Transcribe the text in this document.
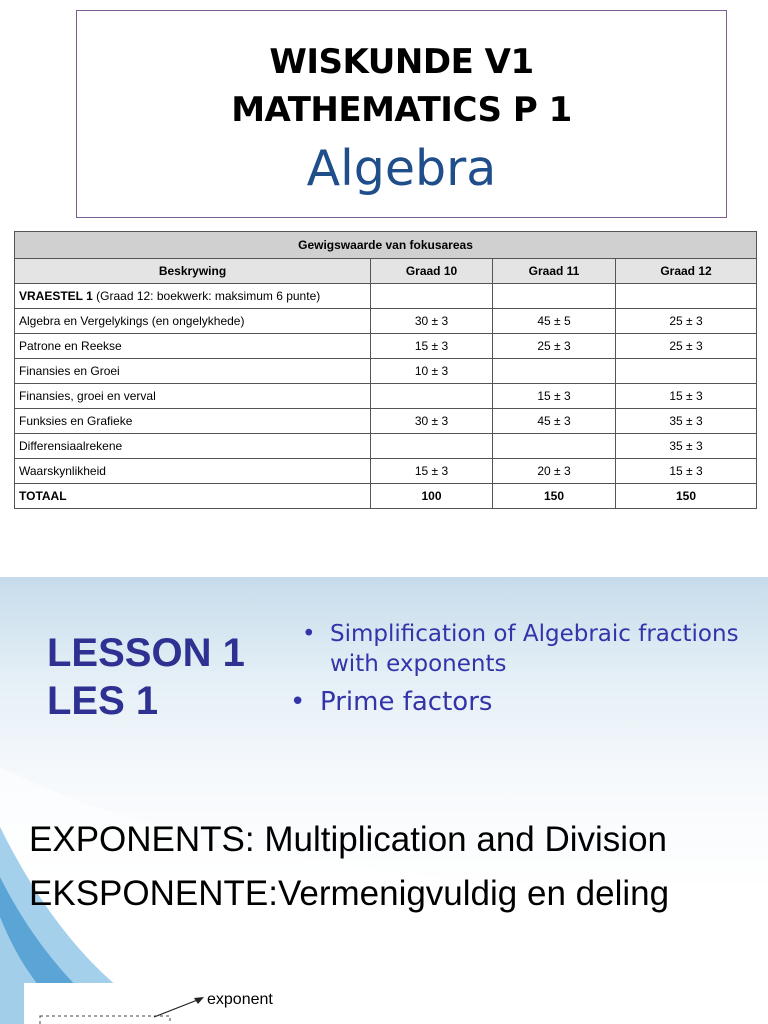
WISKUNDE V1
MATHEMATICS P 1
Algebra
Gewigswaarde van fokusareas			
Beskrywing	Graad 10	Graad 11	Graad 12
VRAESTEL 1 (Graad 12: boekwerk: maksimum 6 punte)			
Algebra en Vergelykings (en ongelykhede)	30 ± 3	45 ± 5	25 ± 3
Patrone en Reekse	15 ± 3	25 ± 3	25 ± 3
Finansies en Groei	10 ± 3		
Finansies, groei en verval		15 ± 3	15 ± 3
Funksies en Grafieke	30 ± 3	45 ± 3	35 ± 3
Differensiaalrekene			35 ± 3
Waarskynlikheid	15 ± 3	20 ± 3	15 ± 3
TOTAAL	100	150	150
LESSON 1
LES 1
• Simplification of Algebraic fractions with exponents
• Prime factors
EXPONENTS: Multiplication and Division
EKSPONENTE:Vermenigvuldig en deling
exponent
